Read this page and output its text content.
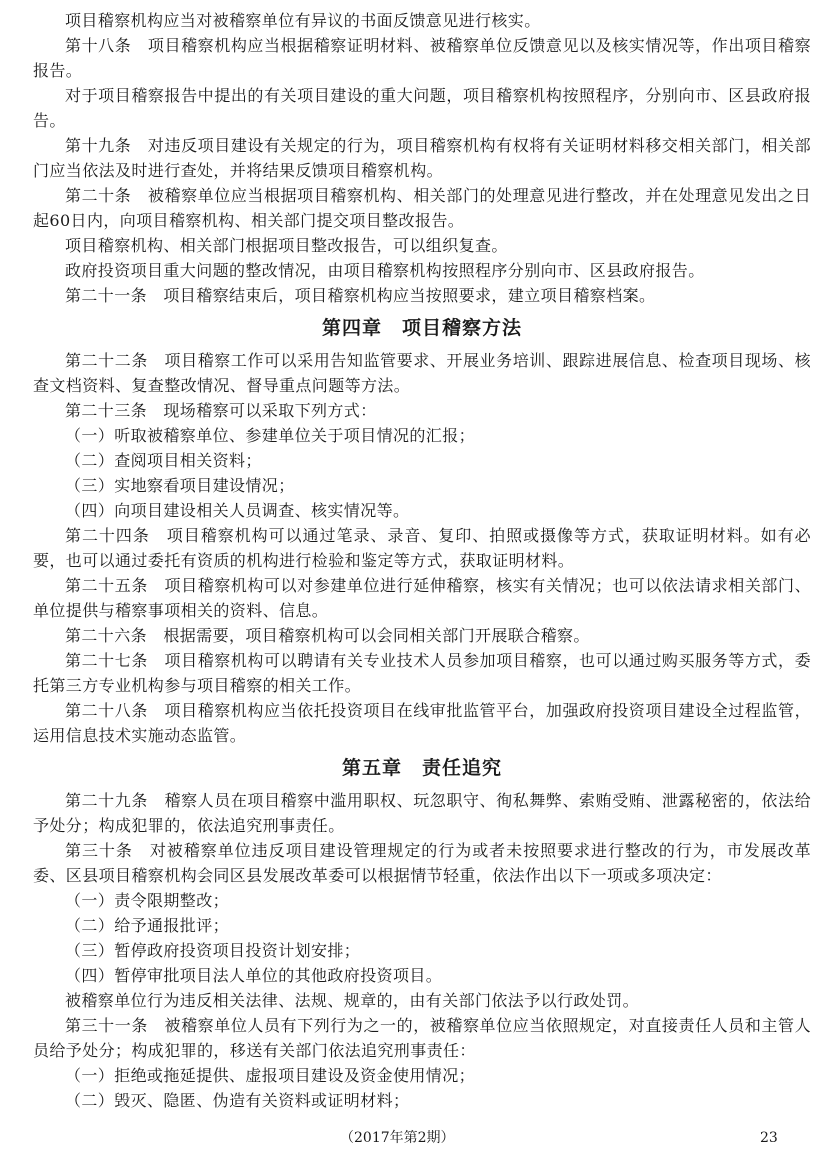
项目稽察机构应当对被稽察单位有异议的书面反馈意见进行核实。

第十八条　项目稽察机构应当根据稽察证明材料、被稽察单位反馈意见以及核实情况等，作出项目稽察报告。

对于项目稽察报告中提出的有关项目建设的重大问题，项目稽察机构按照程序，分别向市、区县政府报告。

第十九条　对违反项目建设有关规定的行为，项目稽察机构有权将有关证明材料移交相关部门，相关部门应当依法及时进行查处，并将结果反馈项目稽察机构。

第二十条　被稽察单位应当根据项目稽察机构、相关部门的处理意见进行整改，并在处理意见发出之日起60日内，向项目稽察机构、相关部门提交项目整改报告。

项目稽察机构、相关部门根据项目整改报告，可以组织复查。

政府投资项目重大问题的整改情况，由项目稽察机构按照程序分别向市、区县政府报告。

第二十一条　项目稽察结束后，项目稽察机构应当按照要求，建立项目稽察档案。

第四章　项目稽察方法

第二十二条　项目稽察工作可以采用告知监管要求、开展业务培训、跟踪进展信息、检查项目现场、核查文档资料、复查整改情况、督导重点问题等方法。

第二十三条　现场稽察可以采取下列方式：

（一）听取被稽察单位、参建单位关于项目情况的汇报；

（二）查阅项目相关资料；

（三）实地察看项目建设情况；

（四）向项目建设相关人员调查、核实情况等。

第二十四条　项目稽察机构可以通过笔录、录音、复印、拍照或摄像等方式，获取证明材料。如有必要，也可以通过委托有资质的机构进行检验和鉴定等方式，获取证明材料。

第二十五条　项目稽察机构可以对参建单位进行延伸稽察，核实有关情况；也可以依法请求相关部门、单位提供与稽察事项相关的资料、信息。

第二十六条　根据需要，项目稽察机构可以会同相关部门开展联合稽察。

第二十七条　项目稽察机构可以聘请有关专业技术人员参加项目稽察，也可以通过购买服务等方式，委托第三方专业机构参与项目稽察的相关工作。

第二十八条　项目稽察机构应当依托投资项目在线审批监管平台，加强政府投资项目建设全过程监管，运用信息技术实施动态监管。

第五章　责任追究

第二十九条　稽察人员在项目稽察中滥用职权、玩忽职守、徇私舞弊、索贿受贿、泄露秘密的，依法给予处分；构成犯罪的，依法追究刑事责任。

第三十条　对被稽察单位违反项目建设管理规定的行为或者未按照要求进行整改的行为，市发展改革委、区县项目稽察机构会同区县发展改革委可以根据情节轻重，依法作出以下一项或多项决定：

（一）责令限期整改；

（二）给予通报批评；

（三）暂停政府投资项目投资计划安排；

（四）暂停审批项目法人单位的其他政府投资项目。

被稽察单位行为违反相关法律、法规、规章的，由有关部门依法予以行政处罚。

第三十一条　被稽察单位人员有下列行为之一的，被稽察单位应当依照规定，对直接责任人员和主管人员给予处分；构成犯罪的，移送有关部门依法追究刑事责任：

（一）拒绝或拖延提供、虚报项目建设及资金使用情况；

（二）毁灭、隐匿、伪造有关资料或证明材料；

（2017年第2期）	23
